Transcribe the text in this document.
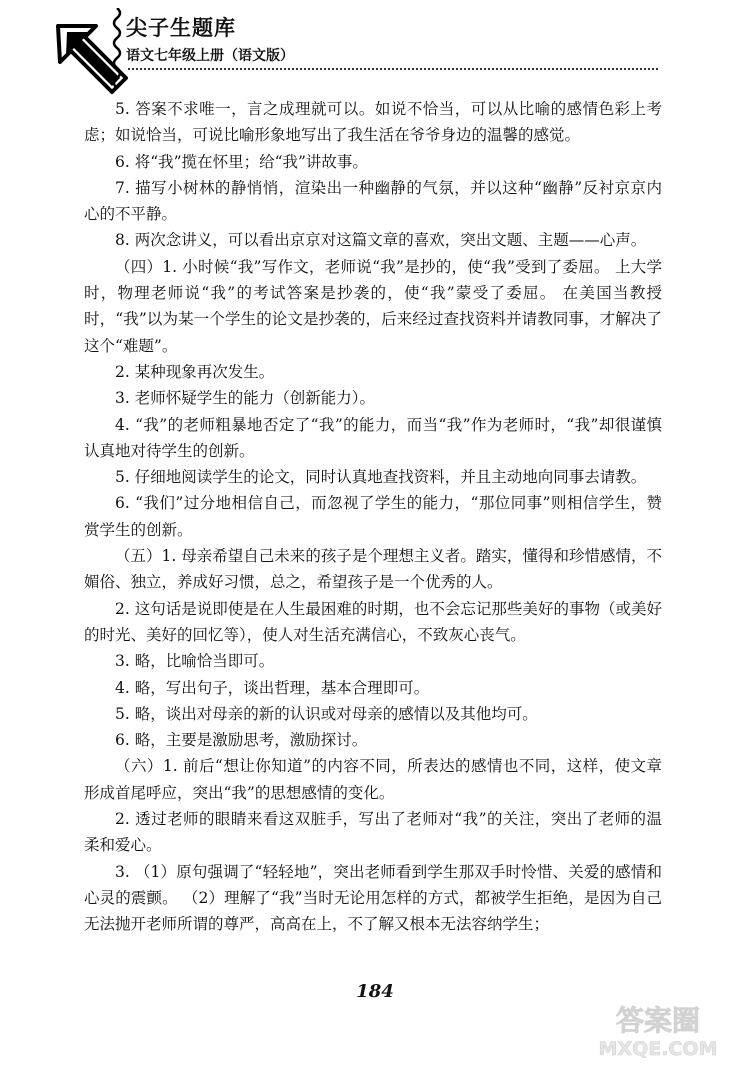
尖子生题库

语文七年级上册（语文版）

5. 答案不求唯一，言之成理就可以。如说不恰当，可以从比喻的感情色彩上考虑；如说恰当，可说比喻形象地写出了我生活在爷爷身边的温馨的感觉。

6. 将“我”揽在怀里；给“我”讲故事。

7. 描写小树林的静悄悄，渲染出一种幽静的气氛，并以这种“幽静”反衬京京内心的不平静。

8. 两次念讲义，可以看出京京对这篇文章的喜欢，突出文题、主题——心声。

（四）1. 小时候“我”写作文，老师说“我”是抄的，使“我”受到了委屈。 上大学时，物理老师说“我”的考试答案是抄袭的，使“我”蒙受了委屈。 在美国当教授时，“我”以为某一个学生的论文是抄袭的，后来经过查找资料并请教同事，才解决了这个“难题”。

2. 某种现象再次发生。

3. 老师怀疑学生的能力（创新能力）。

4. “我”的老师粗暴地否定了“我”的能力，而当“我”作为老师时，“我”却很谨慎认真地对待学生的创新。

5. 仔细地阅读学生的论文，同时认真地查找资料，并且主动地向同事去请教。

6. “我们”过分地相信自己，而忽视了学生的能力，“那位同事”则相信学生，赞赏学生的创新。

（五）1. 母亲希望自己未来的孩子是个理想主义者。踏实，懂得和珍惜感情，不媚俗、独立，养成好习惯，总之，希望孩子是一个优秀的人。

2. 这句话是说即使是在人生最困难的时期，也不会忘记那些美好的事物（或美好的时光、美好的回忆等），使人对生活充满信心，不致灰心丧气。

3. 略，比喻恰当即可。

4. 略，写出句子，谈出哲理，基本合理即可。

5. 略，谈出对母亲的新的认识或对母亲的感情以及其他均可。

6. 略，主要是激励思考，激励探讨。

（六）1. 前后“想让你知道”的内容不同，所表达的感情也不同，这样，使文章形成首尾呼应，突出“我”的思想感情的变化。

2. 透过老师的眼睛来看这双脏手，写出了老师对“我”的关注，突出了老师的温柔和爱心。

3. （1）原句强调了“轻轻地”，突出老师看到学生那双手时怜惜、关爱的感情和心灵的震颤。 （2）理解了“我”当时无论用怎样的方式，都被学生拒绝，是因为自己无法抛开老师所谓的尊严，高高在上，不了解又根本无法容纳学生；

184

答案圈
MXQE.COM
